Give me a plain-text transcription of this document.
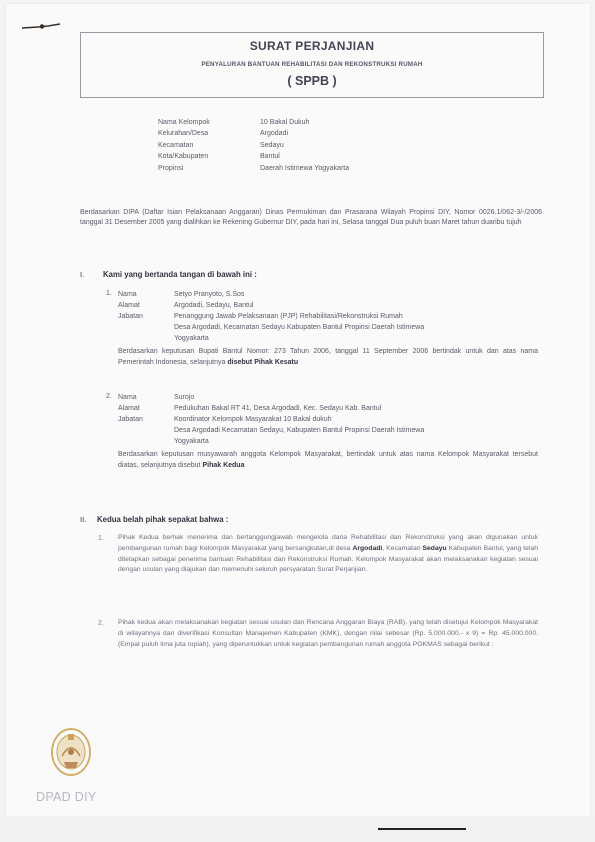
SURAT PERJANJIAN
PENYALURAN BANTUAN REHABILITASI DAN REKONSTRUKSI RUMAH
( SPPB )
Nama Kelompok	10 Bakal Dukuh
Kelurahan/Desa	Argodadi
Kecamatan	Sedayu
Kota/Kabupaten	Bantul
Propinsi	Daerah Istimewa Yogyakarta
Berdasarkan DIPA (Daftar Isian Pelaksanaan Anggaran) Dinas Permukiman dan Prasarana Wilayah Propinsi DIY, Nomor 0026.1/062-3/-/2006 tanggal 31 Desember 2005 yang dialihkan ke Rekening Gubernur DIY, pada hari ini, Selasa tanggal Dua puluh buan Maret tahun duaribu tujuh
I. Kami yang bertanda tangan di bawah ini :
1. Nama	Setyo Pranyoto, S.Sos
Alamat	Argodadi, Sedayu, Bantul
Jabatan	Penanggung Jawab Pelaksanaan (PJP) Rehabilitasi/Rekonstruksi Rumah
Desa Argodadi, Kecamatan Sedayu Kabupaten Bantul Propinsi Daerah Istimewa
Yogyakarta
Berdasarkan keputusan Bupati Bantul Nomor: 273 Tahun 2006, tanggal 11 September 2006 bertindak untuk dan atas nama Pemerintah Indonesia, selanjutnya disebut Pihak Kesatu
2. Nama	Surojo
Alamat	Pedukuhan Bakal RT 41, Desa Argodadi, Kec. Sedayu Kab. Bantul
Jabatan	Koordinator Kelompok Masyarakat 10 Bakal dukuh
Desa Argodadi Kecamatan Sedayu, Kabupaten Bantul Propinsi Daerah Istimewa
Yogyakarta
Berdasarkan keputusan musyawarah anggota Kelompok Masyarakat, bertindak untuk atas nama Kelompok Masyarakat tersebut diatas, selanjutnya disebut Pihak Kedua
II. Kedua belah pihak sepakat bahwa :
1. Pihak Kedua berhak menerima dan bertanggungjawab mengelola dana Rehabilitasi dan Rekonstruksi yang akan digunakan untuk pembangunan rumah bagi Kelompok Masyarakat yang bersangkutan,di desa Argodadi, Kecamatan Sedayu Kabupaten Bantul, yang telah ditetapkan sebagai penerima bantuan Rehabilitasi dan Rekonstruksi Rumah. Kelompok Masyarakat akan melaksanakan kegiatan sesuai dengan usulan yang diajukan dan memenuhi seluruh persyaratan Surat Perjanjian.
2. Pihak kedua akan melaksanakan kegiatan sesuai usulan dan Rencana Anggaran Biaya (RAB), yang telah disetujui Kelompok Masyarakat di wilayahnya dan diverifikasi Konsultan Manajemen Kabupaten (KMK), dengan nilai sebesar (Rp. 5.000.000,- x 9) = Rp. 45.000.000. (Empat puluh lima juta rupiah), yang diperuntukkan untuk kegiatan pembangunan rumah anggota POKMAS sebagai berikut :
DPAD DIY
